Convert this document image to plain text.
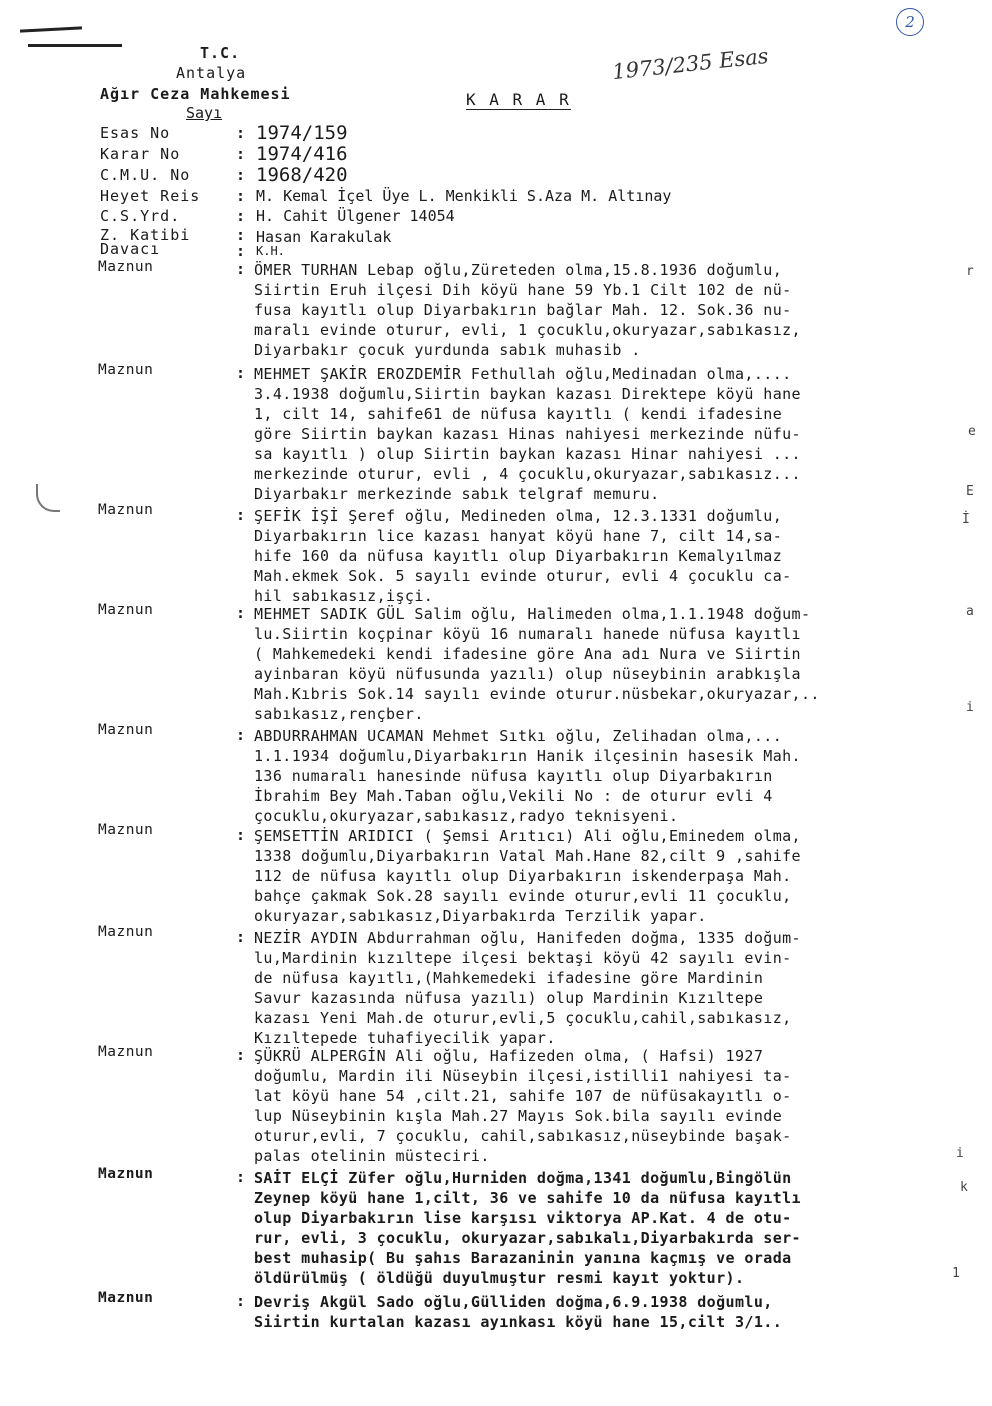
2
1973/235 Esas
T.C.
Antalya
Ağır Ceza Mahkemesi
Sayı
K A R A R
Esas No	: 1974/159
Karar No	: 1974/416
C.M.U. No	: 1968/420
Heyet Reis : M. Kemal İçel Üye L. Menkikli S.Aza M. Altınay
C.S.Yrd.	: H. Cahit Ülgener 14054
Z. Katibi	: Hasan Karakulak
Davacı	: K.H.
Maznun	: ÖMER TURHAN Lebap oğlu,Züreteden olma,15.8.1936 doğumlu,
Siirtin Eruh ilçesi Dih köyü hane 59 Yb.1 Cilt 102 de nü-
fusa kayıtlı olup Diyarbakırın bağlar Mah. 12. Sok.36 nu-
maralı evinde oturur, evli, 1 çocuklu,okuryazar,sabıkasız,
Diyarbakır çocuk yurdunda sabık muhasib .
Maznun	: MEHMET ŞAKİR EROZDEMİR Fethullah oğlu,Medinadan olma,....
3.4.1938 doğumlu,Siirtin baykan kazası Direktepe köyü hane
1, cilt 14, sahife61 de nüfusa kayıtlı ( kendi ifadesine
göre Siirtin baykan kazası Hinas nahiyesi merkezinde nüfu-
sa kayıtlı ) olup Siirtin baykan kazası Hinar nahiyesi ...
merkezinde oturur, evli , 4 çocuklu,okuryazar,sabıkasız...
Diyarbakır merkezinde sabık telgraf memuru.
Maznun	: ŞEFİK İŞİ Şeref oğlu, Medineden olma, 12.3.1331 doğumlu,
Diyarbakırın lice kazası hanyat köyü hane 7, cilt 14,sa-
hife 160 da nüfusa kayıtlı olup Diyarbakırın Kemalyılmaz
Mah.ekmek Sok. 5 sayılı evinde oturur, evli 4 çocuklu ca-
hil sabıkasız,işçi.
Maznun	: MEHMET SADIK GÜL Salim oğlu, Halimeden olma,1.1.1948 doğum-
lu.Siirtin koçpinar köyü 16 numaralı hanede nüfusa kayıtlı
( Mahkemedeki kendi ifadesine göre Ana adı Nura ve Siirtin
ayinbaran köyü nüfusunda yazılı) olup nüseybinin arabkışla
Mah.Kıbris Sok.14 sayılı evinde oturur.nüsbekar,okuryazar,..
sabıkasız,rençber.
Maznun	: ABDURRAHMAN UCAMAN Mehmet Sıtkı oğlu, Zelihadan olma,...
1.1.1934 doğumlu,Diyarbakırın Hanik ilçesinin hasesik Mah.
136 numaralı hanesinde nüfusa kayıtlı olup Diyarbakırın
İbrahim Bey Mah.Taban oğlu,Vekili No : de oturur evli 4
çocuklu,okuryazar,sabıkasız,radyo teknisyeni.
Maznun	: ŞEMSETTİN ARIDICI ( Şemsi Arıtıcı) Ali oğlu,Eminedem olma,
1338 doğumlu,Diyarbakırın Vatal Mah.Hane 82,cilt 9 ,sahife
112 de nüfusa kayıtlı olup Diyarbakırın iskenderpaşa Mah.
bahçe çakmak Sok.28 sayılı evinde oturur,evli 11 çocuklu,
okuryazar,sabıkasız,Diyarbakırda Terzilik yapar.
Maznun	: NEZİR AYDIN Abdurrahman oğlu, Hanifeden doğma, 1335 doğum-
lu,Mardinin kızıltepe ilçesi bektaşi köyü 42 sayılı evin-
de nüfusa kayıtlı,(Mahkemedeki ifadesine göre Mardinin
Savur kazasında nüfusa yazılı) olup Mardinin Kızıltepe
kazası Yeni Mah.de oturur,evli,5 çocuklu,cahil,sabıkasız,
Kızıltepede tuhafiyecilik yapar.
Maznun	: ŞÜKRÜ ALPERGİN Ali oğlu, Hafizeden olma, ( Hafsi) 1927
doğumlu, Mardin ili Nüseybin ilçesi,istilli1 nahiyesi ta-
lat köyü hane 54 ,cilt.21, sahife 107 de nüfüsakayıtlı o-
lup Nüseybinin kışla Mah.27 Mayıs Sok.bila sayılı evinde
oturur,evli, 7 çocuklu, cahil,sabıkasız,nüseybinde başak-
palas otelinin müsteciri.
Maznun	: SAİT ELÇİ Züfer oğlu,Hurniden doğma,1341 doğumlu,Bingölün
Zeynep köyü hane 1,cilt, 36 ve sahife 10 da nüfusa kayıtlı
olup Diyarbakırın lise karşısı viktorya AP.Kat. 4 de otu-
rur, evli, 3 çocuklu, okuryazar,sabıkalı,Diyarbakırda ser-
best muhasip( Bu şahıs Barazaninin yanına kaçmış ve orada
öldürülmüş ( öldüğü duyulmuştur resmi kayıt yoktur).
Maznun	: Devriş Akgül Sado oğlu,Gülliden doğma,6.9.1938 doğumlu,
Siirtin kurtalan kazası ayınkası köyü hane 15,cilt 3/1..
r
e
E
İ
a
i
k
i
1
